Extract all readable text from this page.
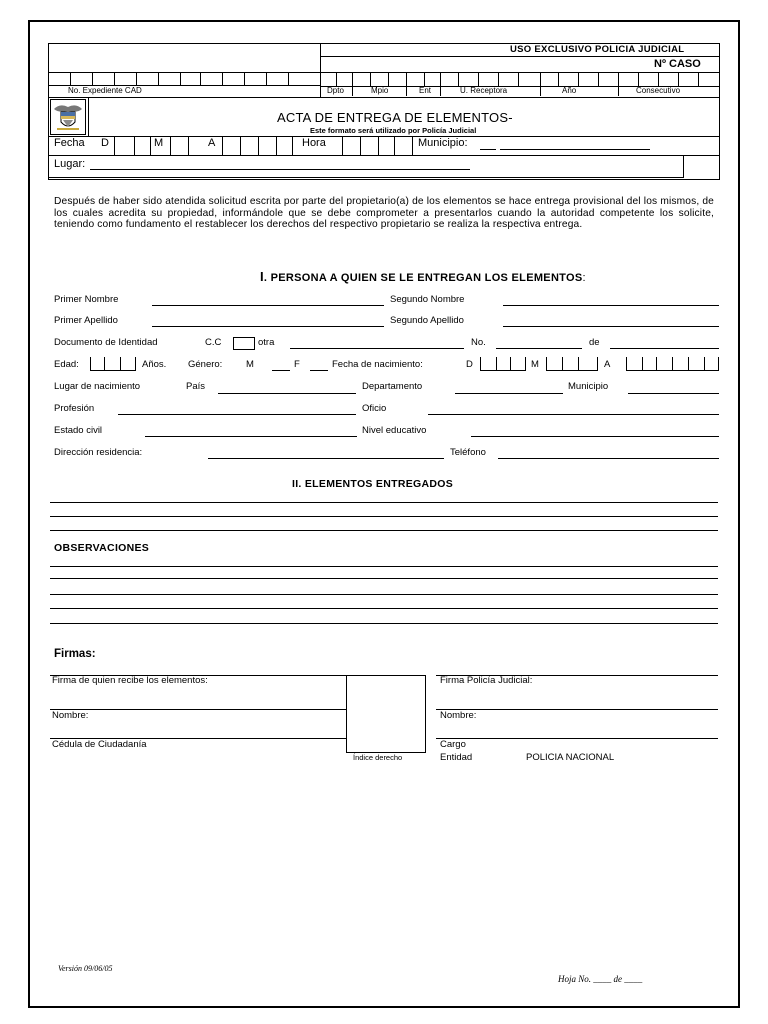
No. Expediente CAD
USO EXCLUSIVO POLICIA JUDICIAL
Nº CASO
Dpto	Mpio	Ent	U. Receptora	Año	Consecutivo
ACTA DE ENTREGA DE ELEMENTOS-
Este formato será utilizado por Policía Judicial
Fecha D	M	A	Hora	Municipio:
Lugar:
Después de haber sido atendida solicitud escrita por parte del propietario(a) de los elementos se hace entrega provisional del los mismos, de los cuales acredita su propiedad, informándole que se debe comprometer a presentarlos cuando la autoridad competente los solicite, teniendo como fundamento el restablecer los derechos del respectivo propietario se realiza la respectiva entrega.
I. PERSONA A QUIEN SE LE ENTREGAN LOS ELEMENTOS:
Primer Nombre	Segundo Nombre
Primer Apellido	Segundo Apellido
Documento de Identidad	C.C	otra	No.	de
Edad:	Años. Género: M	F	Fecha de nacimiento:	D	M	A
Lugar de nacimiento	País	Departamento	Municipio
Profesión	Oficio
Estado civil	Nivel educativo
Dirección residencia:	Teléfono
II. ELEMENTOS ENTREGADOS
OBSERVACIONES
Firmas:
Firma de quien recibe los elementos:
Nombre:
Cédula de Ciudadanía
Índice derecho
Firma Policía Judicial:
Nombre:
Cargo
Entidad	POLICIA NACIONAL
Versión 09/06/05
Hoja No. ____ de ____
